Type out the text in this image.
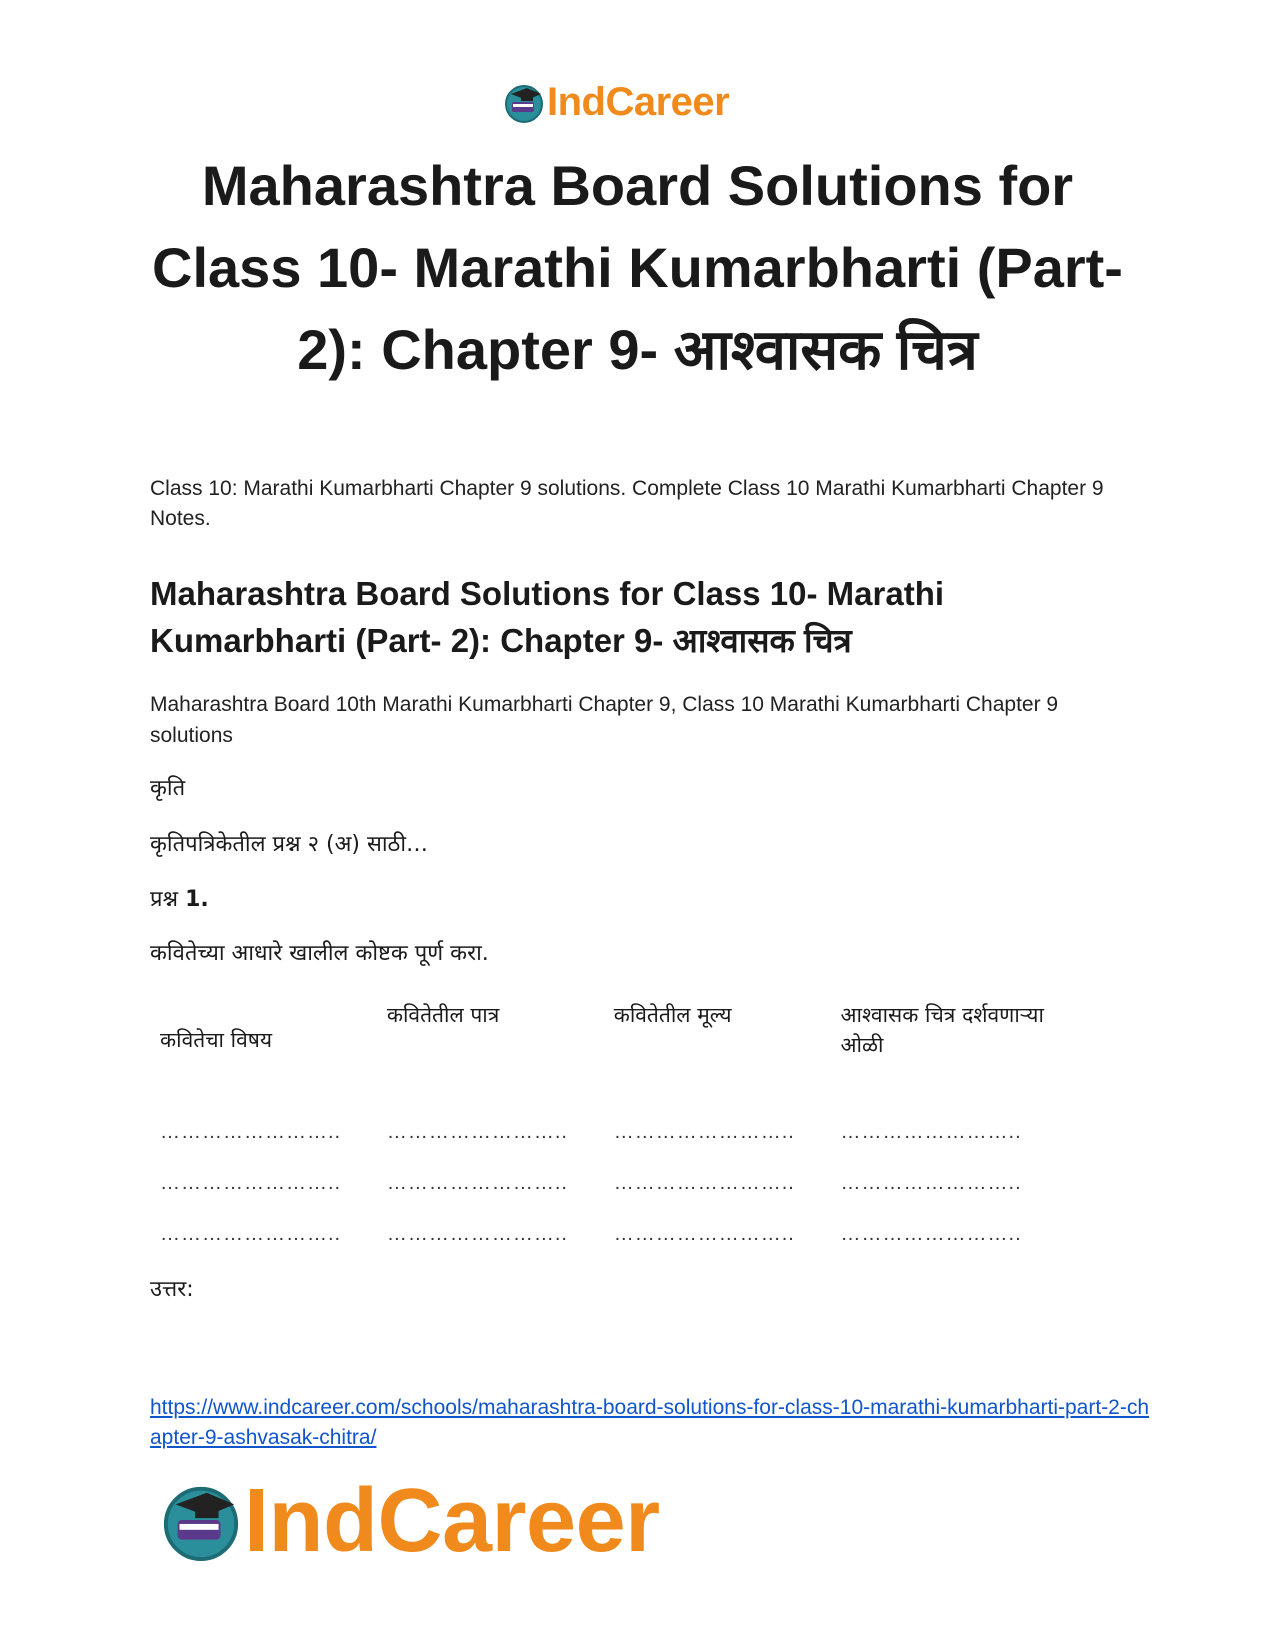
IndCareer
Maharashtra Board Solutions for
Class 10- Marathi Kumarbharti (Part-
2): Chapter 9- आश्वासक चित्र

Class 10: Marathi Kumarbharti Chapter 9 solutions. Complete Class 10 Marathi Kumarbharti Chapter 9 Notes.

Maharashtra Board Solutions for Class 10- Marathi Kumarbharti (Part- 2): Chapter 9- आश्वासक चित्र

Maharashtra Board 10th Marathi Kumarbharti Chapter 9, Class 10 Marathi Kumarbharti Chapter 9 solutions

कृति

कृतिपत्रिकेतील प्रश्न २ (अ) साठी…

प्रश्न 1.

कवितेच्या आधारे खालील कोष्टक पूर्ण करा.

कवितेचा विषय	कवितेतील पात्र	कवितेतील मूल्य	आश्वासक चित्र दर्शवणाऱ्या ओळी
……………………..	……………………..	……………………..	……………………..
……………………..	……………………..	……………………..	……………………..
……………………..	……………………..	……………………..	……………………..

उत्तर:

https://www.indcareer.com/schools/maharashtra-board-solutions-for-class-10-marathi-kumarbharti-part-2-chapter-9-ashvasak-chitra/
IndCareer
